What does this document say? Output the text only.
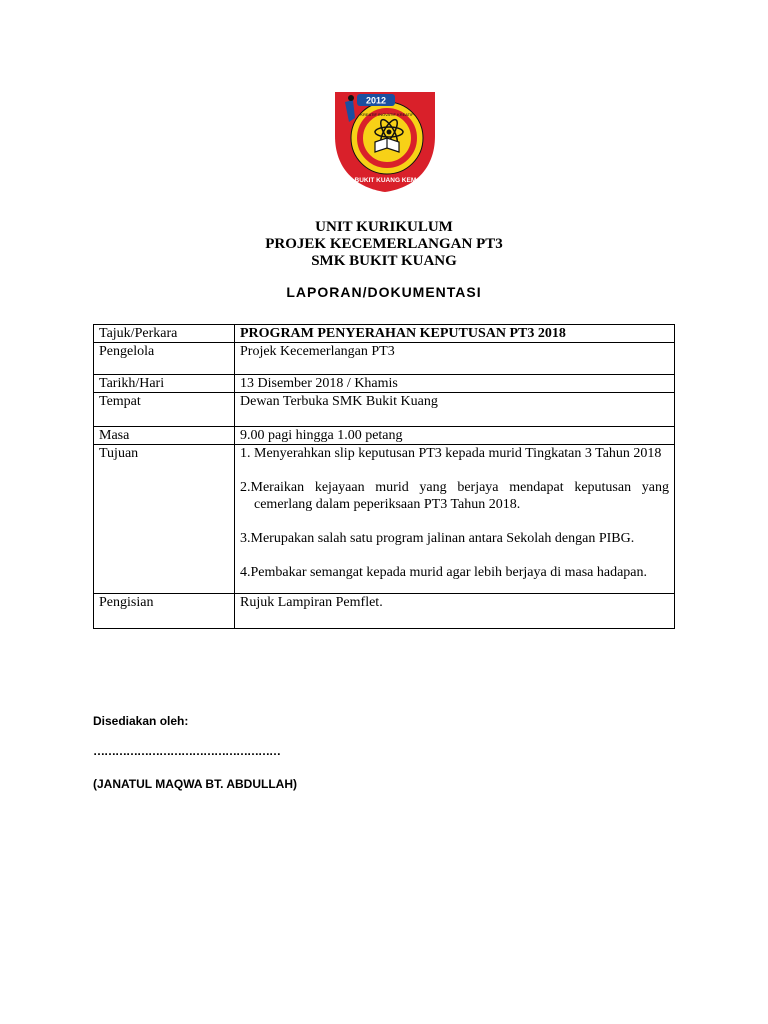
2012
KREATIF INOVATIF KREATIF
SMK BUKIT KUANG KEMAMAN
UNIT KURIKULUM
PROJEK KECEMERLANGAN PT3
SMK BUKIT KUANG
LAPORAN/DOKUMENTASI
Tajuk/Perkara	PROGRAM PENYERAHAN KEPUTUSAN PT3 2018
Pengelola	Projek Kecemerlangan PT3
Tarikh/Hari	13 Disember 2018 / Khamis
Tempat	Dewan Terbuka SMK Bukit Kuang
Masa	9.00 pagi hingga 1.00 petang
Tujuan	1. Menyerahkan slip keputusan PT3 kepada murid Tingkatan 3 Tahun 2018

2.Meraikan kejayaan murid yang berjaya mendapat keputusan yang cemerlang dalam peperiksaan PT3 Tahun 2018.

3.Merupakan salah satu program jalinan antara Sekolah dengan PIBG.

4.Pembakar semangat kepada murid agar lebih berjaya di masa hadapan.

Pengisian	Rujuk Lampiran Pemflet.
Disediakan oleh:
……………………………………………
(JANATUL MAQWA BT. ABDULLAH)
